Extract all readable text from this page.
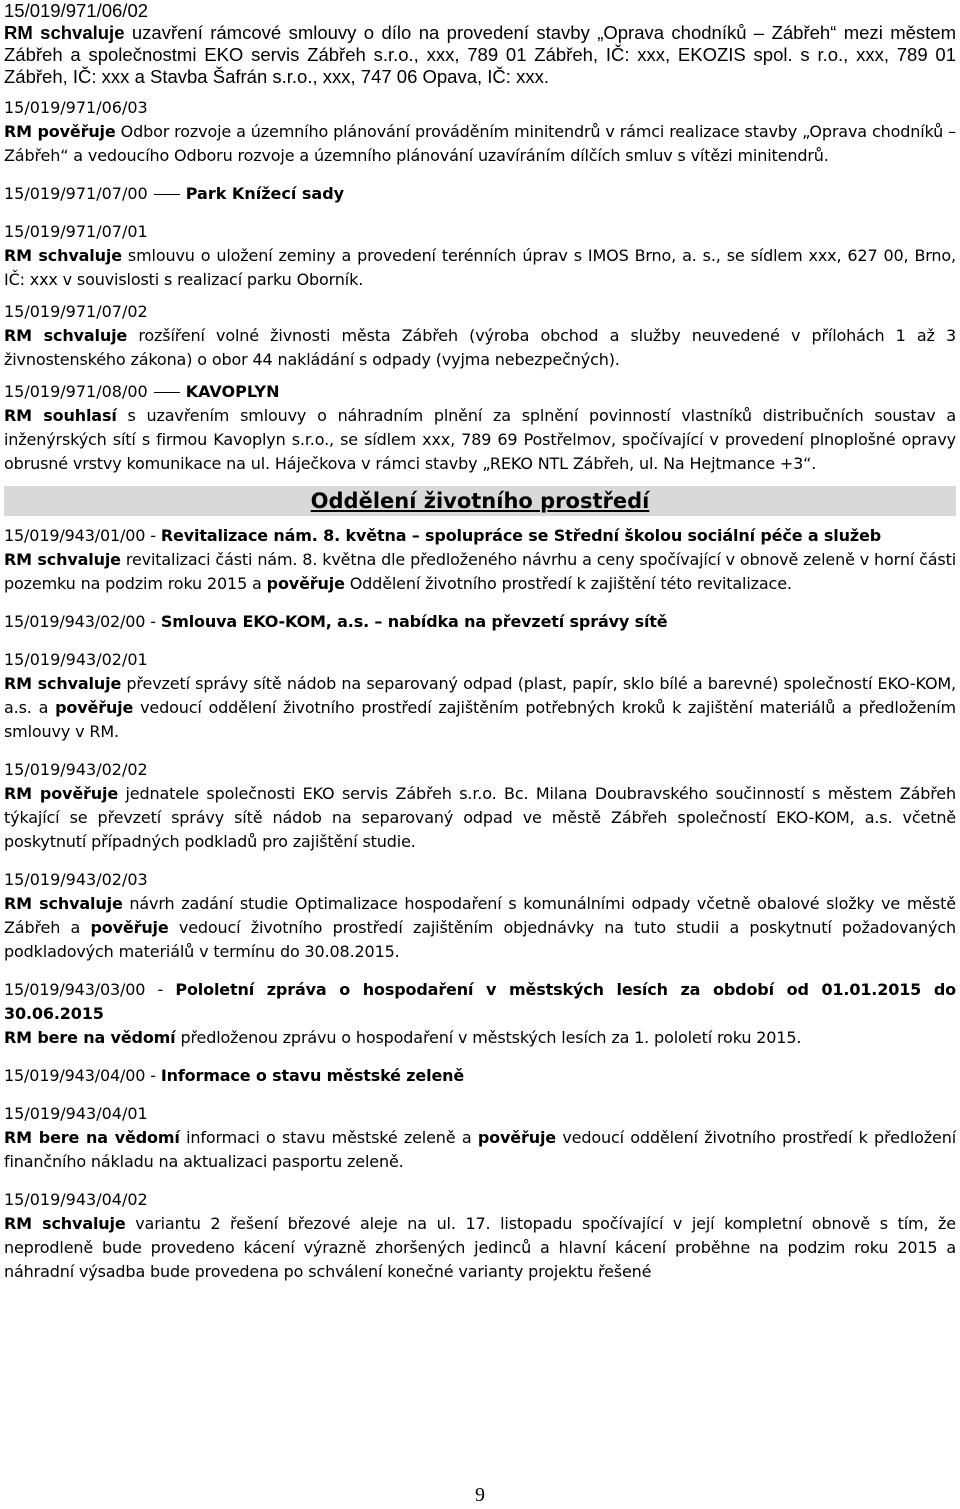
15/019/971/06/02

RM schvaluje uzavření rámcové smlouvy o dílo na provedení stavby „Oprava chodníků – Zábřeh“ mezi městem Zábřeh a společnostmi EKO servis Zábřeh s.r.o., xxx, 789 01 Zábřeh, IČ: xxx, EKOZIS spol. s r.o., xxx, 789 01 Zábřeh, IČ: xxx a Stavba Šafrán s.r.o., xxx, 747 06 Opava, IČ: xxx.

15/019/971/06/03

RM pověřuje Odbor rozvoje a územního plánování prováděním minitendrů v rámci realizace stavby „Oprava chodníků – Zábřeh“ a vedoucího Odboru rozvoje a územního plánování uzavíráním dílčích smluv s vítězi minitendrů.

15/019/971/07/00 Park Knížecí sady

15/019/971/07/01

RM schvaluje smlouvu o uložení zeminy a provedení terénních úprav s IMOS Brno, a. s., se sídlem xxx, 627 00, Brno, IČ: xxx v souvislosti s realizací parku Oborník.

15/019/971/07/02

RM schvaluje rozšíření volné živnosti města Zábřeh (výroba obchod a služby neuvedené v přílohách 1 až 3 živnostenského zákona) o obor 44 nakládání s odpady (vyjma nebezpečných).

15/019/971/08/00 KAVOPLYN

RM souhlasí s uzavřením smlouvy o náhradním plnění za splnění povinností vlastníků distribučních soustav a inženýrských sítí s firmou Kavoplyn s.r.o., se sídlem xxx, 789 69 Postřelmov, spočívající v provedení plnoplošné opravy obrusné vrstvy komunikace na ul. Háječkova v rámci stavby „REKO NTL Zábřeh, ul. Na Hejtmance +3“.

Oddělení životního prostředí

15/019/943/01/00 - Revitalizace nám. 8. května – spolupráce se Střední školou sociální péče a služeb

RM schvaluje revitalizaci části nám. 8. května dle předloženého návrhu a ceny spočívající v obnově zeleně v horní části pozemku na podzim roku 2015 a pověřuje Oddělení životního prostředí k zajištění této revitalizace.

15/019/943/02/00 - Smlouva EKO-KOM, a.s. – nabídka na převzetí správy sítě

15/019/943/02/01

RM schvaluje převzetí správy sítě nádob na separovaný odpad (plast, papír, sklo bílé a barevné) společností EKO-KOM, a.s. a pověřuje vedoucí oddělení životního prostředí zajištěním potřebných kroků k zajištění materiálů a předložením smlouvy v RM.

15/019/943/02/02

RM pověřuje jednatele společnosti EKO servis Zábřeh s.r.o. Bc. Milana Doubravského součinností s městem Zábřeh týkající se převzetí správy sítě nádob na separovaný odpad ve městě Zábřeh společností EKO-KOM, a.s. včetně poskytnutí případných podkladů pro zajištění studie.

15/019/943/02/03

RM schvaluje návrh zadání studie Optimalizace hospodaření s komunálními odpady včetně obalové složky ve městě Zábřeh a pověřuje vedoucí životního prostředí zajištěním objednávky na tuto studii a poskytnutí požadovaných podkladových materiálů v termínu do 30.08.2015.

15/019/943/03/00 - Pololetní zpráva o hospodaření v městských lesích za období od 01.01.2015 do 30.06.2015

RM bere na vědomí předloženou zprávu o hospodaření v městských lesích za 1. pololetí roku 2015.

15/019/943/04/00 - Informace o stavu městské zeleně

15/019/943/04/01

RM bere na vědomí informaci o stavu městské zeleně a pověřuje vedoucí oddělení životního prostředí k předložení finančního nákladu na aktualizaci pasportu zeleně.

15/019/943/04/02

RM schvaluje variantu 2 řešení březové aleje na ul. 17. listopadu spočívající v její kompletní obnově s tím, že neprodleně bude provedeno kácení výrazně zhoršených jedinců a hlavní kácení proběhne na podzim roku 2015 a náhradní výsadba bude provedena po schválení konečné varianty projektu řešené

9
